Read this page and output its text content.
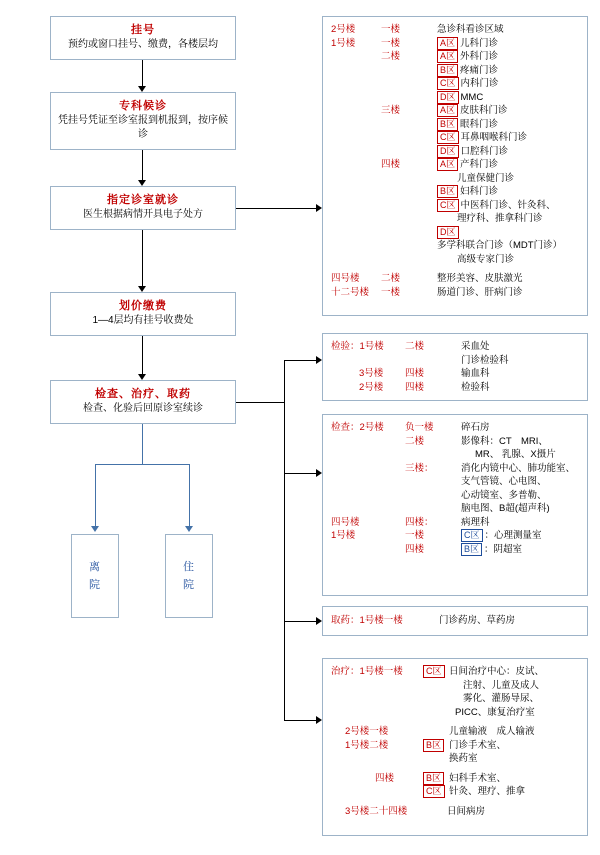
挂号
预约或窗口挂号、缴费，各楼层均
专科候诊
凭挂号凭证至诊室报到机报到，按序候诊
指定诊室就诊
医生根据病情开具电子处方
划价缴费
1—4层均有挂号收费处
检查、治疗、取药
检查、化验后回原诊室续诊
离
院
住
院
2号楼	一楼	急诊科看诊区域
1号楼	一楼	A区 儿科门诊
二楼	A区 外科门诊
B区 疼痛门诊
C区 内科门诊
D区 MMC
三楼	A区 皮肤科门诊
B区 眼科门诊
C区 耳鼻咽喉科门诊
D区 口腔科门诊
四楼	A区 产科门诊
儿童保健门诊
B区 妇科门诊
C区 中医科门诊、针灸科、
理疗科、推拿科门诊
D区多学科联合门诊（MDT门诊）
高级专家门诊
四号楼	二楼	整形美容、皮肤激光
十二号楼	一楼	肠道门诊、肝病门诊
检验：1号楼	二楼	采血处
门诊检验科
3号楼	四楼	输血科
2号楼	四楼	检验科
检查：2号楼	负一楼	碎石房
二楼	影像科：CT　MRI、
MR、 乳腺、X摄片
三楼：	消化内镜中心、肺功能室、
支气管镜、心电图、
心动镜室、多普勒、
脑电图、B超(超声科)
四号楼	四楼：	病理科
1号楼	一楼	C区 ：心理测量室
四楼	B区 ：阴超室
取药：1号楼一楼	门诊药房、草药房
治疗：1号楼一楼	C区 日间治疗中心：皮试、
注射、儿童及成人
雾化、灌肠导尿、
PICC、康复治疗室
2号楼一楼	儿童输液　成人输液
1号楼二楼	B区 门诊手术室、
换药室
四楼	B区 妇科手术室、
C区 针灸、理疗、推拿
3号楼二十四楼	日间病房
